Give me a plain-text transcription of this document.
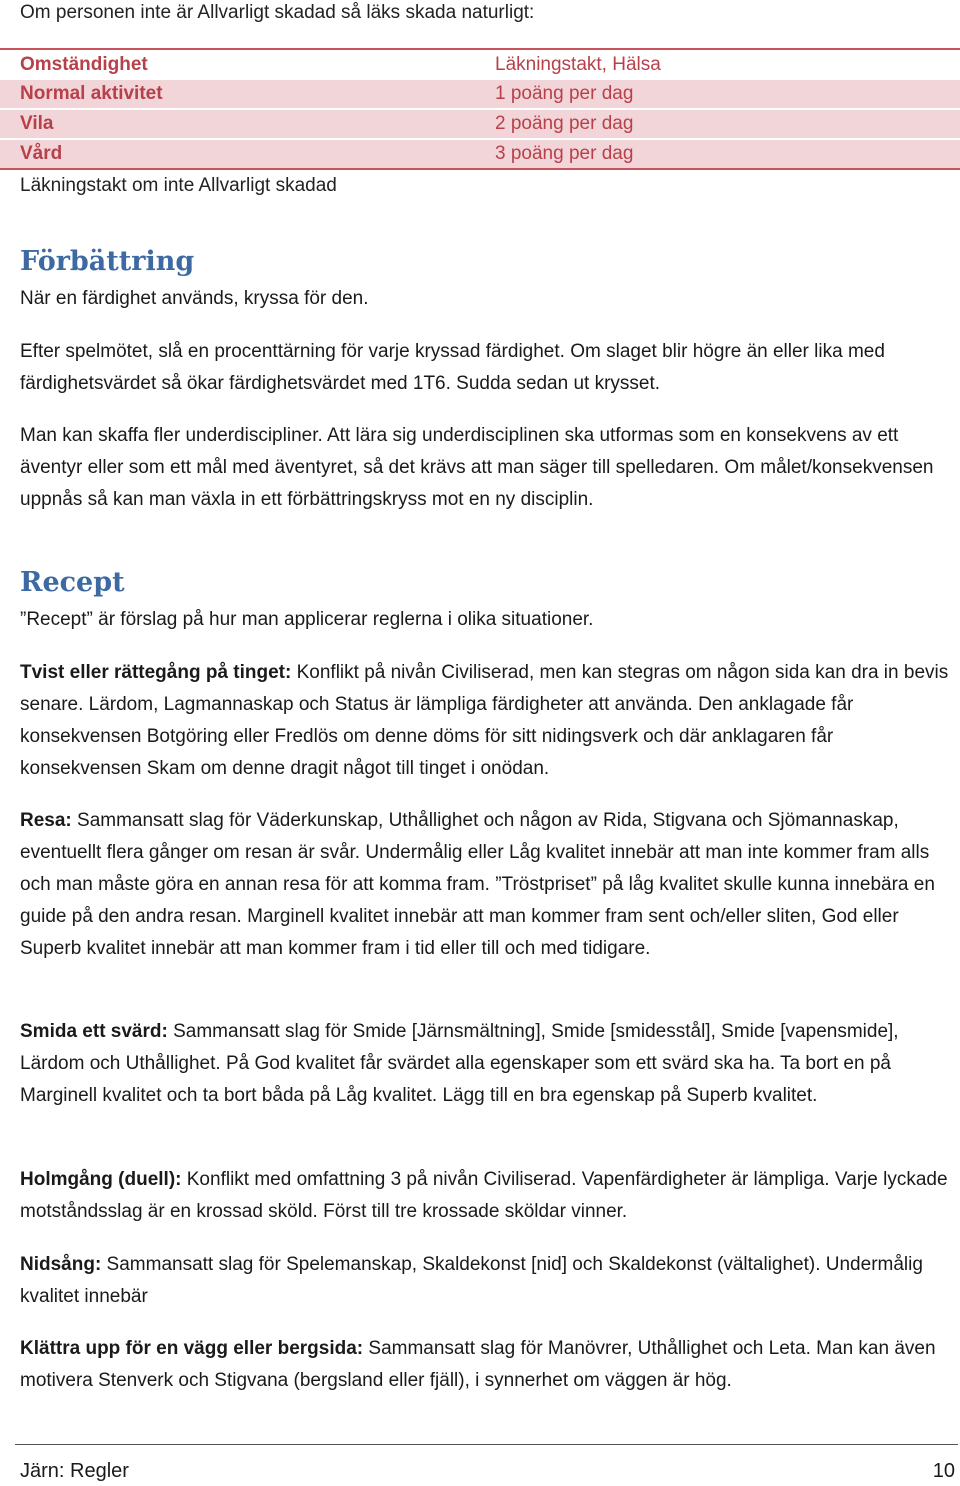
Om personen inte är Allvarligt skadad så läks skada naturligt:
Omständighet	Läkningstakt, Hälsa
Normal aktivitet	1 poäng per dag
Vila	2 poäng per dag
Vård	3 poäng per dag
Läkningstakt om inte Allvarligt skadad	
Förbättring

När en färdighet används, kryssa för den.

Efter spelmötet, slå en procenttärning för varje kryssad färdighet. Om slaget blir högre än eller lika med färdighetsvärdet så ökar färdighetsvärdet med 1T6. Sudda sedan ut krysset.

Man kan skaffa fler underdiscipliner. Att lära sig underdisciplinen ska utformas som en konsekvens av ett äventyr eller som ett mål med äventyret, så det krävs att man säger till spelledaren. Om målet/konsekvensen uppnås så kan man växla in ett förbättringskryss mot en ny disciplin.

Recept

”Recept” är förslag på hur man applicerar reglerna i olika situationer.

Tvist eller rättegång på tinget: Konflikt på nivån Civiliserad, men kan stegras om någon sida kan dra in bevis senare. Lärdom, Lagmannaskap och Status är lämpliga färdigheter att använda. Den anklagade får konsekvensen Botgöring eller Fredlös om denne döms för sitt nidingsverk och där anklagaren får konsekvensen Skam om denne dragit något till tinget i onödan.

Resa: Sammansatt slag för Väderkunskap, Uthållighet och någon av Rida, Stigvana och Sjömannaskap, eventuellt flera gånger om resan är svår. Undermålig eller Låg kvalitet innebär att man inte kommer fram alls och man måste göra en annan resa för att komma fram. ”Tröstpriset” på låg kvalitet skulle kunna innebära en guide på den andra resan. Marginell kvalitet innebär att man kommer fram sent och/eller sliten, God eller Superb kvalitet innebär att man kommer fram i tid eller till och med tidigare.

Smida ett svärd: Sammansatt slag för Smide [Järnsmältning], Smide [smidesstål], Smide [vapensmide], Lärdom och Uthållighet. På God kvalitet får svärdet alla egenskaper som ett svärd ska ha. Ta bort en på Marginell kvalitet och ta bort båda på Låg kvalitet. Lägg till en bra egenskap på Superb kvalitet.

Holmgång (duell): Konflikt med omfattning 3 på nivån Civiliserad. Vapenfärdigheter är lämpliga. Varje lyckade motståndsslag är en krossad sköld. Först till tre krossade sköldar vinner.

Nidsång: Sammansatt slag för Spelemanskap, Skaldekonst [nid] och Skaldekonst (vältalighet). Undermålig kvalitet innebär

Klättra upp för en vägg eller bergsida: Sammansatt slag för Manövrer, Uthållighet och Leta. Man kan även motivera Stenverk och Stigvana (bergsland eller fjäll), i synnerhet om väggen är hög.

Järn: Regler	10
